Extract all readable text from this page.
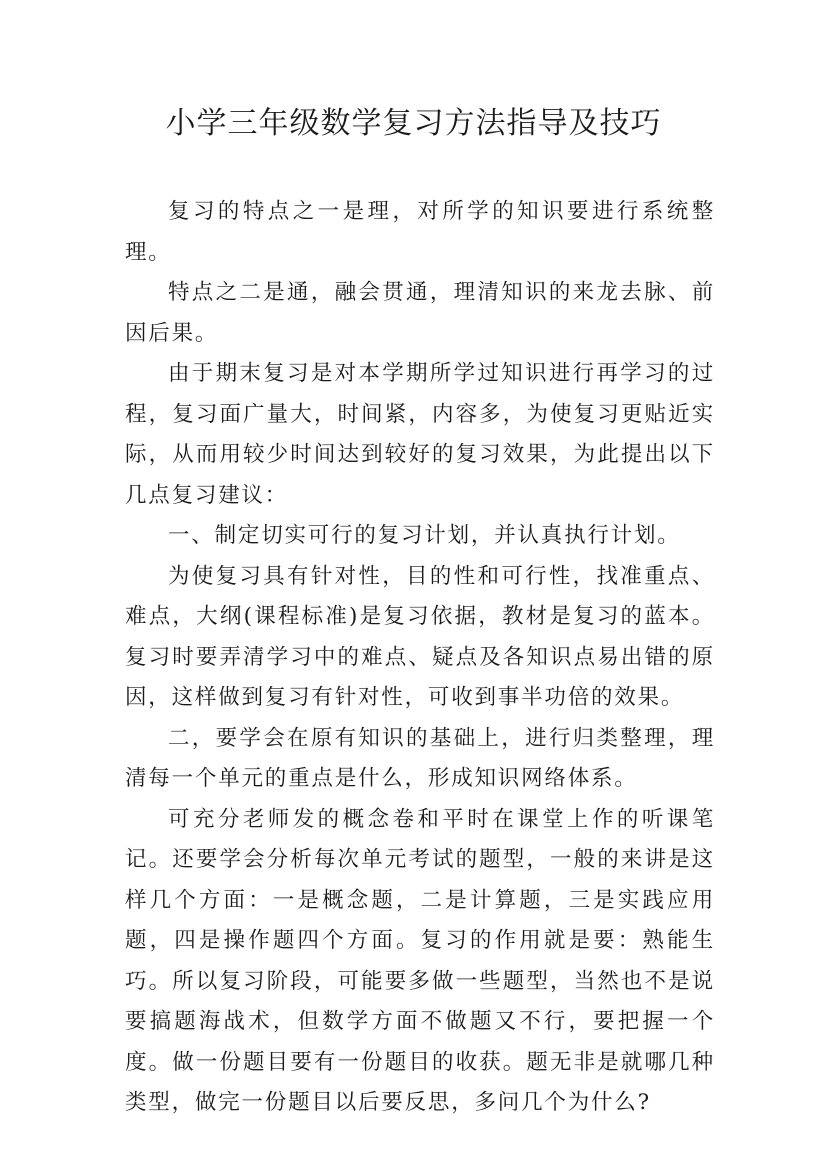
小学三年级数学复习方法指导及技巧

复习的特点之一是理，对所学的知识要进行系统整理。

特点之二是通，融会贯通，理清知识的来龙去脉、前因后果。

由于期末复习是对本学期所学过知识进行再学习的过程，复习面广量大，时间紧，内容多，为使复习更贴近实际，从而用较少时间达到较好的复习效果，为此提出以下几点复习建议：

一、制定切实可行的复习计划，并认真执行计划。

为使复习具有针对性，目的性和可行性，找准重点、难点，大纲(课程标准)是复习依据，教材是复习的蓝本。复习时要弄清学习中的难点、疑点及各知识点易出错的原因，这样做到复习有针对性，可收到事半功倍的效果。

二，要学会在原有知识的基础上，进行归类整理，理清每一个单元的重点是什么，形成知识网络体系。

可充分老师发的概念卷和平时在课堂上作的听课笔记。还要学会分析每次单元考试的题型，一般的来讲是这样几个方面：一是概念题，二是计算题，三是实践应用题，四是操作题四个方面。复习的作用就是要：熟能生巧。所以复习阶段，可能要多做一些题型，当然也不是说要搞题海战术，但数学方面不做题又不行，要把握一个度。做一份题目要有一份题目的收获。题无非是就哪几种类型，做完一份题目以后要反思，多问几个为什么?
